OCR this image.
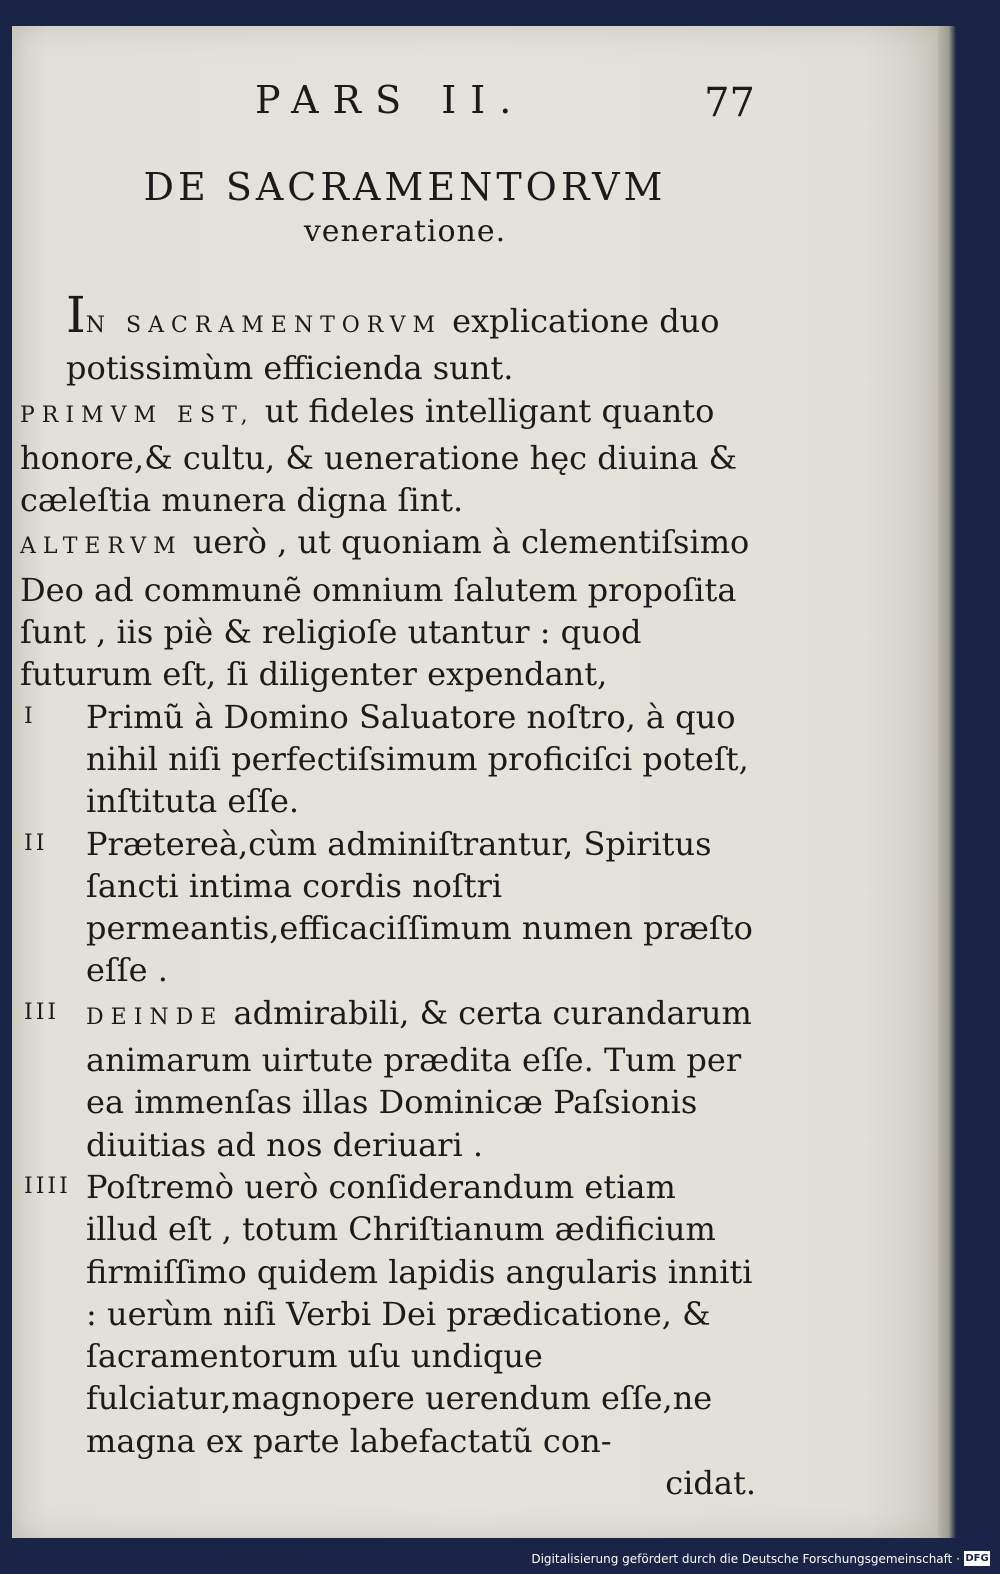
PARS II.	77
DE SACRAMENTORVM
veneratione.

IN SACRAMENTORVM explicatione duo potissimùm efficienda sunt.

PRIMVM EST, ut fideles intelligant quanto honore,& cultu, & ueneratione hęc diuina & cæleſtia munera digna ſint.

ALTERVM uerò , ut quoniam à clementiſsimo Deo ad communẽ omnium ſalutem propoſita ſunt , iis piè & religioſe utantur : quod futurum eſt, ſi diligenter expendant,

I	Primũ à Domino Saluatore noſtro, à quo nihil niſi perfectiſsimum proficiſci poteſt, inſtituta eſſe.
II	Prætereà,cùm adminiſtrantur, Spiritus ſancti intima cordis noſtri permeantis,efficaciſſimum numen præſto eſſe .
III	DEINDE admirabili, & certa curandarum animarum uirtute prædita eſſe. Tum per ea immenſas illas Dominicæ Paſsionis diuitias ad nos deriuari .
IIII Poſtremò uerò conſiderandum etiam illud eſt , totum Chriſtianum ædificium firmiſſimo quidem lapidis angularis inniti : uerùm niſi Verbi Dei prædicatione, & ſacramentorum uſu undique fulciatur,magnopere uerendum eſſe,ne magna ex parte labefactatũ con-

cidat.

Digitalisierung gefördert durch die Deutsche Forschungsgemeinschaft · DFG
